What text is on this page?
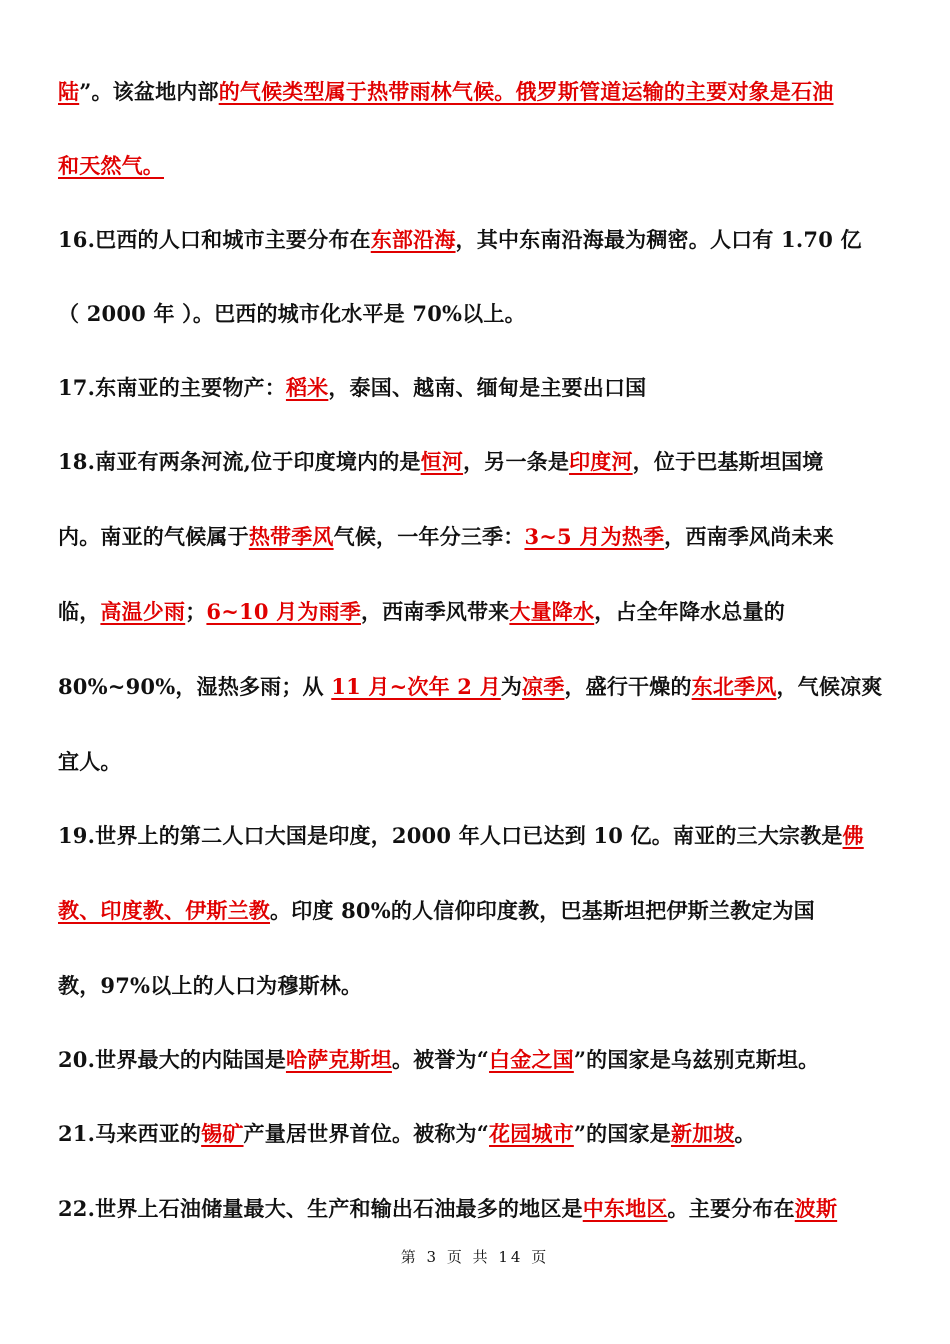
陆”。该盆地内部的气候类型属于热带雨林气候。俄罗斯管道运输的主要对象是石油
和天然气。
16.巴西的人口和城市主要分布在东部沿海，其中东南沿海最为稠密。人口有 1.70 亿
（ 2000 年 ）。巴西的城市化水平是 70%以上。
17.东南亚的主要物产：稻米，泰国、越南、缅甸是主要出口国
18.南亚有两条河流,位于印度境内的是恒河，另一条是印度河，位于巴基斯坦国境
内。南亚的气候属于热带季风气候，一年分三季：3~5 月为热季，西南季风尚未来
临，高温少雨；6~10 月为雨季，西南季风带来大量降水，占全年降水总量的
80%~90%，湿热多雨；从 11 月~次年 2 月为凉季，盛行干燥的东北季风，气候凉爽
宜人。
19.世界上的第二人口大国是印度，2000 年人口已达到 10 亿。南亚的三大宗教是佛
教、印度教、伊斯兰教。印度 80%的人信仰印度教，巴基斯坦把伊斯兰教定为国
教，97%以上的人口为穆斯林。
20.世界最大的内陆国是哈萨克斯坦。被誉为“白金之国”的国家是乌兹别克斯坦。
21.马来西亚的锡矿产量居世界首位。被称为“花园城市”的国家是新加坡。
22.世界上石油储量最大、生产和输出石油最多的地区是中东地区。主要分布在波斯
第 3 页 共 14 页
